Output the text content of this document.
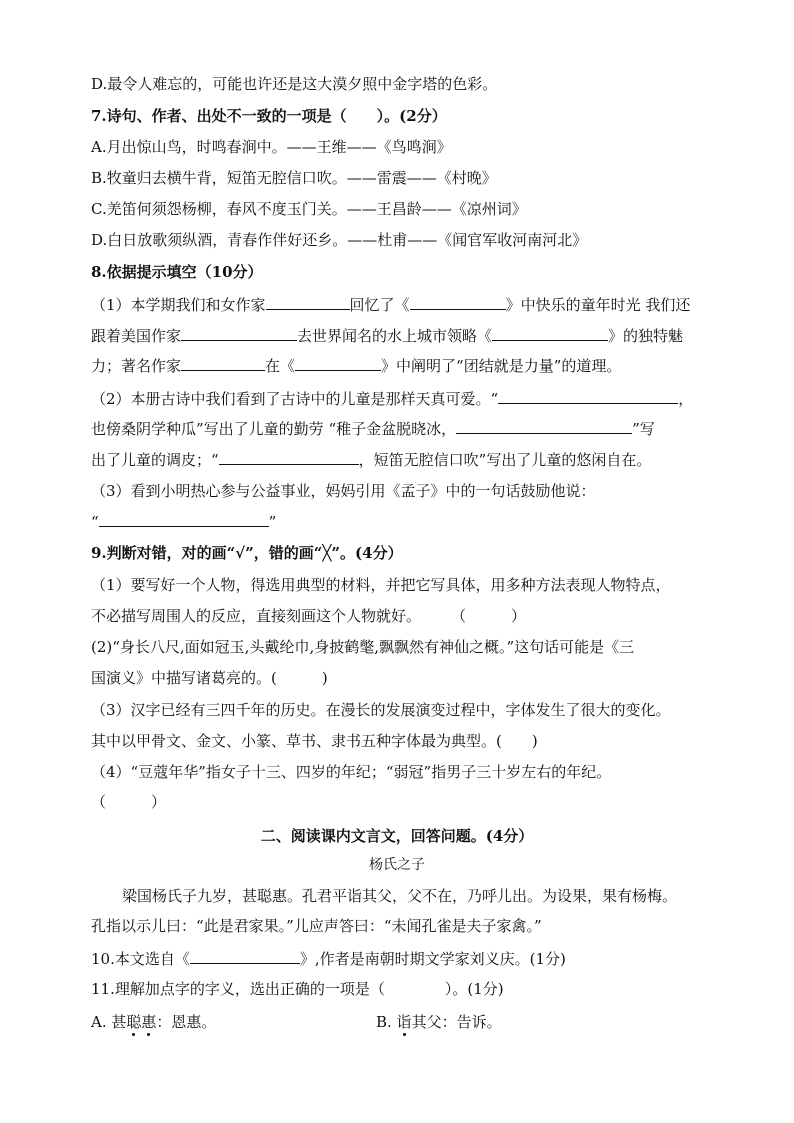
D.最令人难忘的，可能也许还是这大漠夕照中金字塔的色彩。
7.诗句、作者、出处不一致的一项是（　　）。(2分）
A.月出惊山鸟，时鸣春涧中。——王维——《鸟鸣涧》
B.牧童归去横牛背，短笛无腔信口吹。——雷震——《村晚》
C.羌笛何须怨杨柳，春风不度玉门关。——王昌龄——《凉州词》
D.白日放歌须纵酒，青春作伴好还乡。——杜甫——《闻官军收河南河北》
8.依据提示填空（10分）
（1）本学期我们和女作家	回忆了《	》中快乐的童年时光 我们还
跟着美国作家	去世界闻名的水上城市领略《	》的独特魅
力；著名作家	在《	》中阐明了“团结就是力量”的道理。
（2）本册古诗中我们看到了古诗中的儿童是那样天真可爱。“	，
也傍桑阴学种瓜”写出了儿童的勤劳 “稚子金盆脱晓冰，	”写
出了儿童的调皮；“	，短笛无腔信口吹”写出了儿童的悠闲自在。
（3）看到小明热心参与公益事业，妈妈引用《孟子》中的一句话鼓励他说：
“	”
9.判断对错，对的画“√”，错的画“╳”。(4分）
（1）要写好一个人物，得选用典型的材料，并把它写具体，用多种方法表现人物特点，
不必描写周围人的反应，直接刻画这个人物就好。　　　（　　　）
(2)“身长八尺,面如冠玉,头戴纶巾,身披鹤氅,飘飘然有神仙之概。”这句话可能是《三
国演义》中描写诸葛亮的。(　　　)
（3）汉字已经有三四千年的历史。在漫长的发展演变过程中，字体发生了很大的变化。
其中以甲骨文、金文、小篆、草书、隶书五种字体最为典型。(　　)
（4）“豆蔻年华”指女子十三、四岁的年纪；“弱冠”指男子三十岁左右的年纪。
（　　　）
二、阅读课内文言文，回答问题。(4分）
杨氏之子
梁国杨氏子九岁，甚聪惠。孔君平诣其父，父不在，乃呼儿出。为设果，果有杨梅。
孔指以示儿曰：“此是君家果。”儿应声答曰：“未闻孔雀是夫子家禽。”
10.本文选自《	》,作者是南朝时期文学家刘义庆。(1分)
11.理解加点字的字义，选出正确的一项是（　　　　）。(1分)
A. 甚聪惠：恩惠。	B. 诣其父：告诉。
